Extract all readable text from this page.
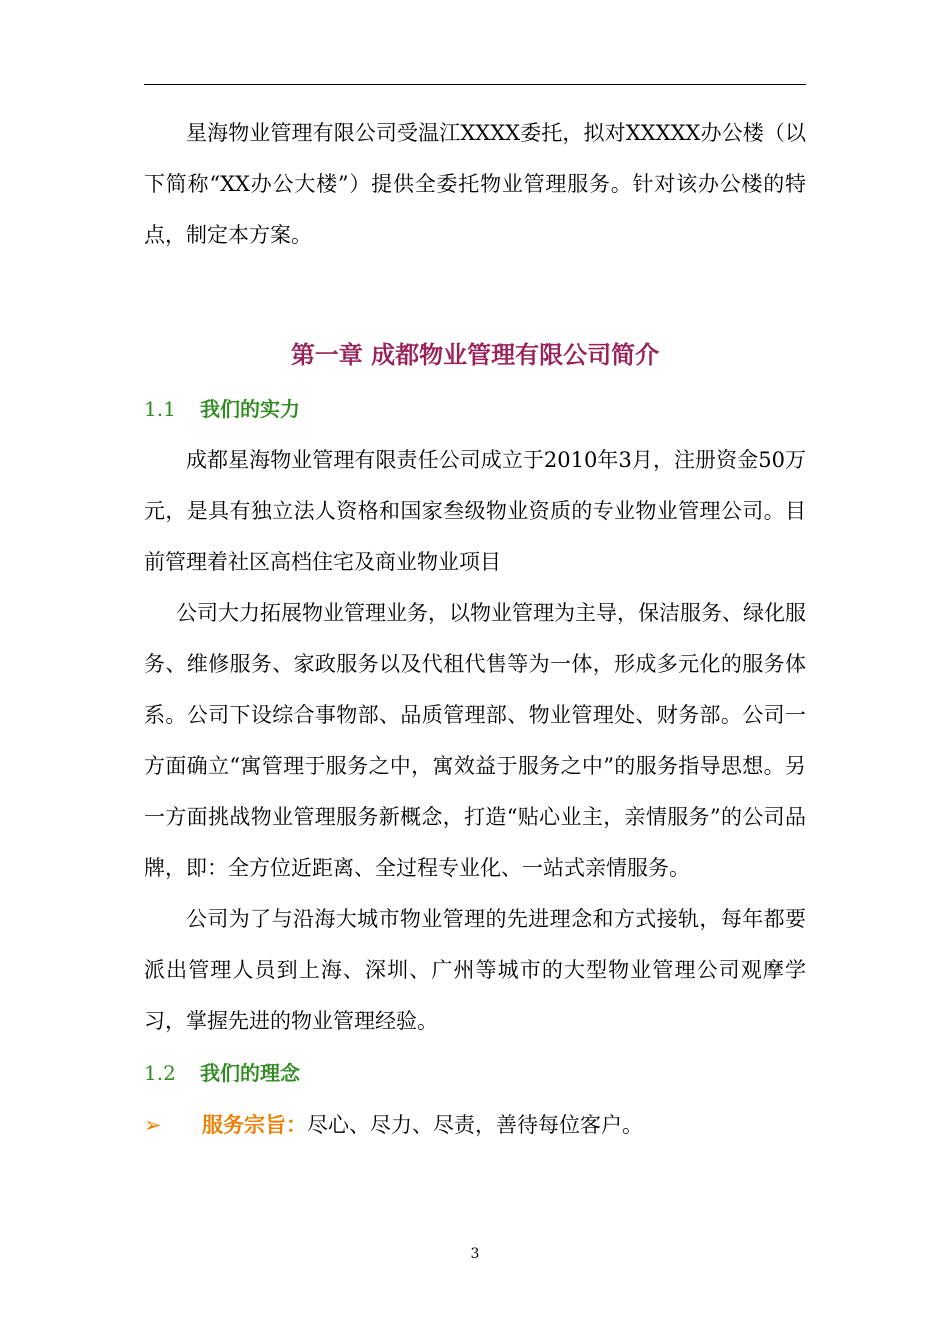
星海物业管理有限公司受温江XXXX委托，拟对XXXXX办公楼（以下简称“XX办公大楼”）提供全委托物业管理服务。针对该办公楼的特点，制定本方案。

第一章 成都物业管理有限公司简介
1.1 我们的实力

成都星海物业管理有限责任公司成立于2010年3月，注册资金50万元，是具有独立法人资格和国家叁级物业资质的专业物业管理公司。目前管理着社区高档住宅及商业物业项目

公司大力拓展物业管理业务，以物业管理为主导，保洁服务、绿化服务、维修服务、家政服务以及代租代售等为一体，形成多元化的服务体系。公司下设综合事物部、品质管理部、物业管理处、财务部。公司一方面确立“寓管理于服务之中，寓效益于服务之中”的服务指导思想。另一方面挑战物业管理服务新概念，打造“贴心业主，亲情服务”的公司品牌，即：全方位近距离、全过程专业化、一站式亲情服务。

公司为了与沿海大城市物业管理的先进理念和方式接轨，每年都要派出管理人员到上海、深圳、广州等城市的大型物业管理公司观摩学习，掌握先进的物业管理经验。

1.2 我们的理念

➢ 服务宗旨：尽心、尽力、尽责，善待每位客户。

3
